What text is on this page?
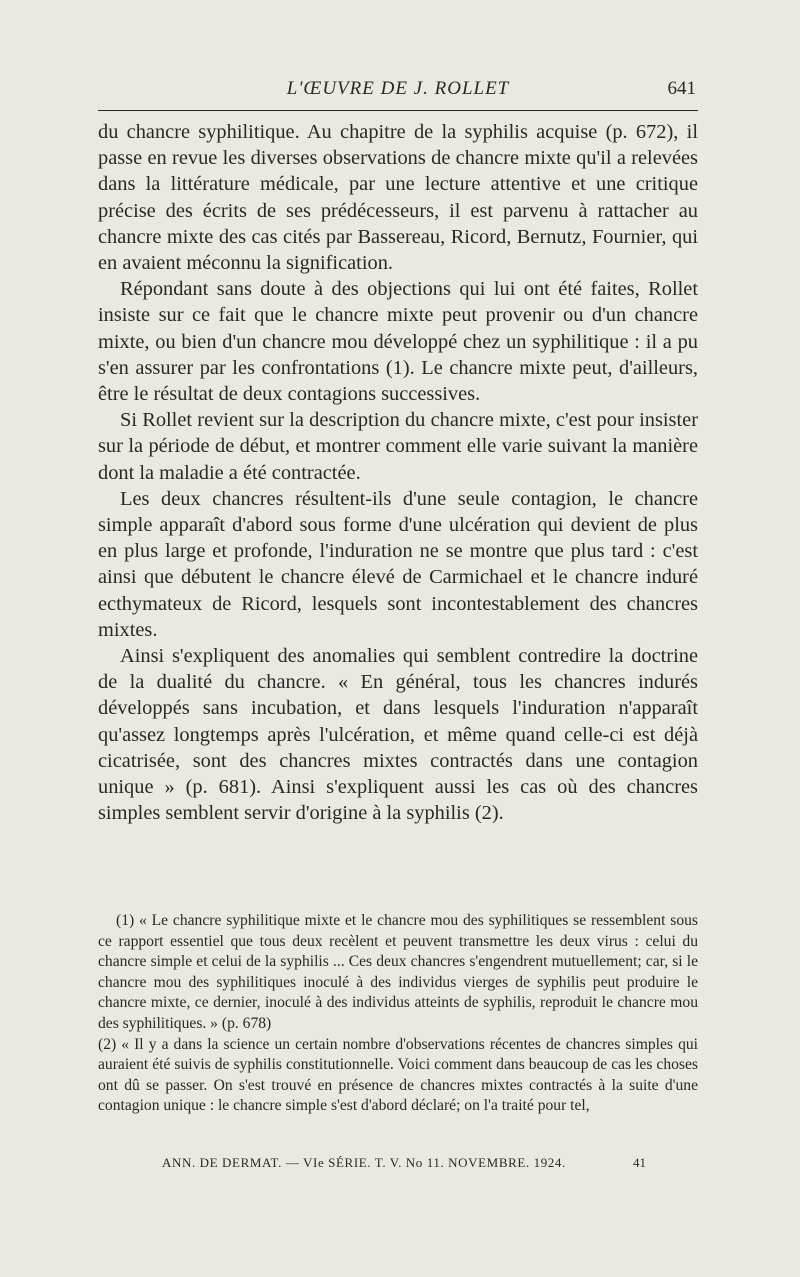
L'ŒUVRE DE J. ROLLET	641

du chancre syphilitique. Au chapitre de la syphilis acquise (p. 672), il passe en revue les diverses observations de chancre mixte qu'il a relevées dans la littérature médicale, par une lecture attentive et une critique précise des écrits de ses prédécesseurs, il est parvenu à rattacher au chancre mixte des cas cités par Bassereau, Ricord, Bernutz, Fournier, qui en avaient méconnu la signification.

Répondant sans doute à des objections qui lui ont été faites, Rollet insiste sur ce fait que le chancre mixte peut provenir ou d'un chancre mixte, ou bien d'un chancre mou développé chez un syphilitique : il a pu s'en assurer par les confrontations (1). Le chancre mixte peut, d'ailleurs, être le résultat de deux contagions successives.

Si Rollet revient sur la description du chancre mixte, c'est pour insister sur la période de début, et montrer comment elle varie suivant la manière dont la maladie a été contractée.

Les deux chancres résultent-ils d'une seule contagion, le chancre simple apparaît d'abord sous forme d'une ulcération qui devient de plus en plus large et profonde, l'induration ne se montre que plus tard : c'est ainsi que débutent le chancre élevé de Carmichael et le chancre induré ecthymateux de Ricord, lesquels sont incontestablement des chancres mixtes.

Ainsi s'expliquent des anomalies qui semblent contredire la doctrine de la dualité du chancre. « En général, tous les chancres indurés développés sans incubation, et dans lesquels l'induration n'apparaît qu'assez longtemps après l'ulcération, et même quand celle-ci est déjà cicatrisée, sont des chancres mixtes contractés dans une contagion unique » (p. 681). Ainsi s'expliquent aussi les cas où des chancres simples semblent servir d'origine à la syphilis (2).

(1) « Le chancre syphilitique mixte et le chancre mou des syphilitiques se ressemblent sous ce rapport essentiel que tous deux recèlent et peuvent transmettre les deux virus : celui du chancre simple et celui de la syphilis ... Ces deux chancres s'engendrent mutuellement; car, si le chancre mou des syphilitiques inoculé à des individus vierges de syphilis peut produire le chancre mixte, ce dernier, inoculé à des individus atteints de syphilis, reproduit le chancre mou des syphilitiques. » (p. 678)

(2) « Il y a dans la science un certain nombre d'observations récentes de chancres simples qui auraient été suivis de syphilis constitutionnelle. Voici comment dans beaucoup de cas les choses ont dû se passer. On s'est trouvé en présence de chancres mixtes contractés à la suite d'une contagion unique : le chancre simple s'est d'abord déclaré; on l'a traité pour tel,

ANN. DE DERMAT. — VIe SÉRIE. T. V. No 11. NOVEMBRE. 1924.	41
